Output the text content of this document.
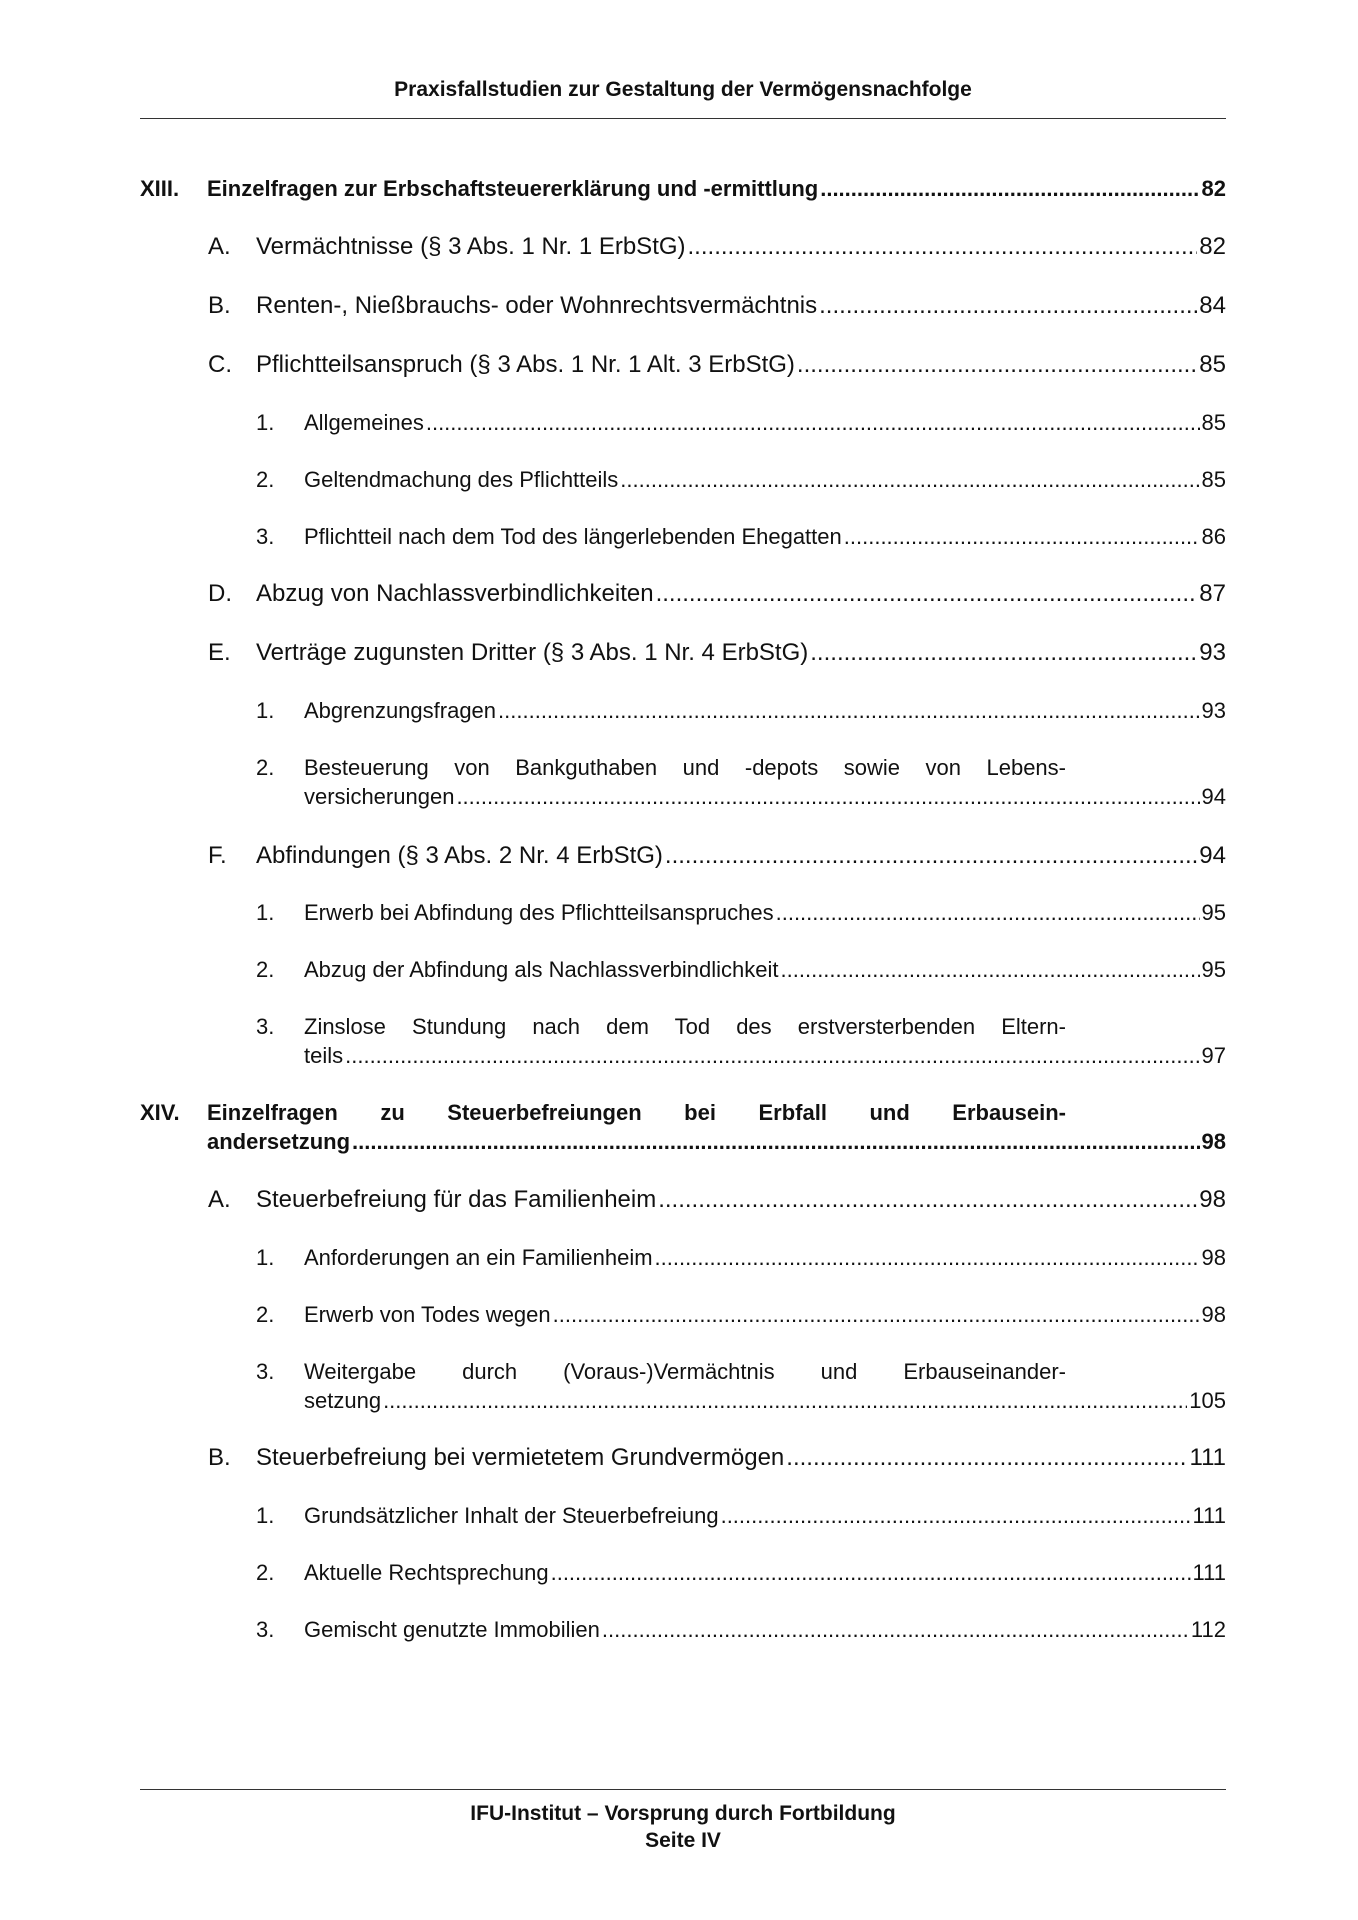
Praxisfallstudien zur Gestaltung der Vermögensnachfolge
IFU-Institut – Vorsprung durch Fortbildung
Seite IV
XIII. Einzelfragen zur Erbschaftsteuererklärung und -ermittlung .....	82
A. Vermächtnisse (§ 3 Abs. 1 Nr. 1 ErbStG) .....	82
B. Renten-, Nießbrauchs- oder Wohnrechtsvermächtnis .....	84
C. Pflichtteilsanspruch (§ 3 Abs. 1 Nr. 1 Alt. 3 ErbStG) .....	85
1. Allgemeines .....	85
2. Geltendmachung des Pflichtteils .....	85
3. Pflichtteil nach dem Tod des längerlebenden Ehegatten .....	86
D. Abzug von Nachlassverbindlichkeiten .....	87
E. Verträge zugunsten Dritter (§ 3 Abs. 1 Nr. 4 ErbStG) .....	93
1. Abgrenzungsfragen .....	93
2. Besteuerung von Bankguthaben und -depots sowie von Lebens-
versicherungen .....	94
F. Abfindungen (§ 3 Abs. 2 Nr. 4 ErbStG) .....	94
1. Erwerb bei Abfindung des Pflichtteilsanspruches .....	95
2. Abzug der Abfindung als Nachlassverbindlichkeit .....	95
3. Zinslose Stundung nach dem Tod des erstversterbenden Eltern-
teils .....	97
XIV. Einzelfragen zu Steuerbefreiungen bei Erbfall und Erbausein-
andersetzung .....	98
A. Steuerbefreiung für das Familienheim .....	98
1. Anforderungen an ein Familienheim .....	98
2. Erwerb von Todes wegen .....	98
3. Weitergabe durch (Voraus-)Vermächtnis und Erbauseinander-
setzung .....	105
B. Steuerbefreiung bei vermietetem Grundvermögen .....	111
1. Grundsätzlicher Inhalt der Steuerbefreiung .....	111
2. Aktuelle Rechtsprechung .....	111
3. Gemischt genutzte Immobilien .....	112
